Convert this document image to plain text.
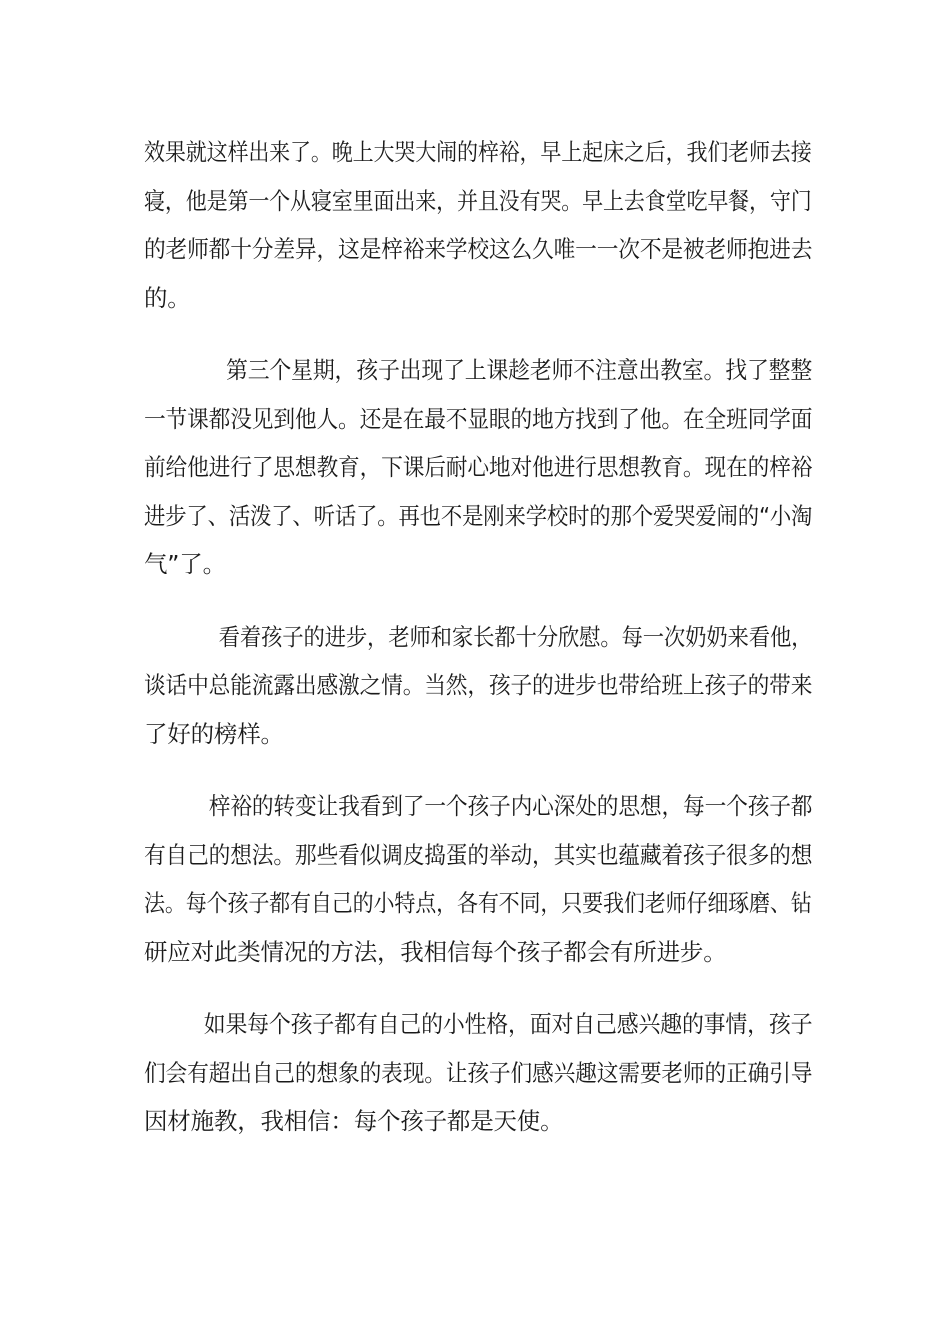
效果就这样出来了。晚上大哭大闹的梓裕，早上起床之后，我们老师去接
寝，他是第一个从寝室里面出来，并且没有哭。早上去食堂吃早餐，守门
的老师都十分差异，这是梓裕来学校这么久唯一一次不是被老师抱进去
的。
第三个星期，孩子出现了上课趁老师不注意出教室。找了整整
一节课都没见到他人。还是在最不显眼的地方找到了他。在全班同学面
前给他进行了思想教育，下课后耐心地对他进行思想教育。现在的梓裕
进步了、活泼了、听话了。再也不是刚来学校时的那个爱哭爱闹的“小淘
气”了。
看着孩子的进步，老师和家长都十分欣慰。每一次奶奶来看他，
谈话中总能流露出感激之情。当然，孩子的进步也带给班上孩子的带来
了好的榜样。
梓裕的转变让我看到了一个孩子内心深处的思想，每一个孩子都
有自己的想法。那些看似调皮捣蛋的举动，其实也蕴藏着孩子很多的想
法。每个孩子都有自己的小特点，各有不同，只要我们老师仔细琢磨、钻
研应对此类情况的方法，我相信每个孩子都会有所进步。
如果每个孩子都有自己的小性格，面对自己感兴趣的事情，孩子
们会有超出自己的想象的表现。让孩子们感兴趣这需要老师的正确引导
因材施教，我相信：每个孩子都是天使。
